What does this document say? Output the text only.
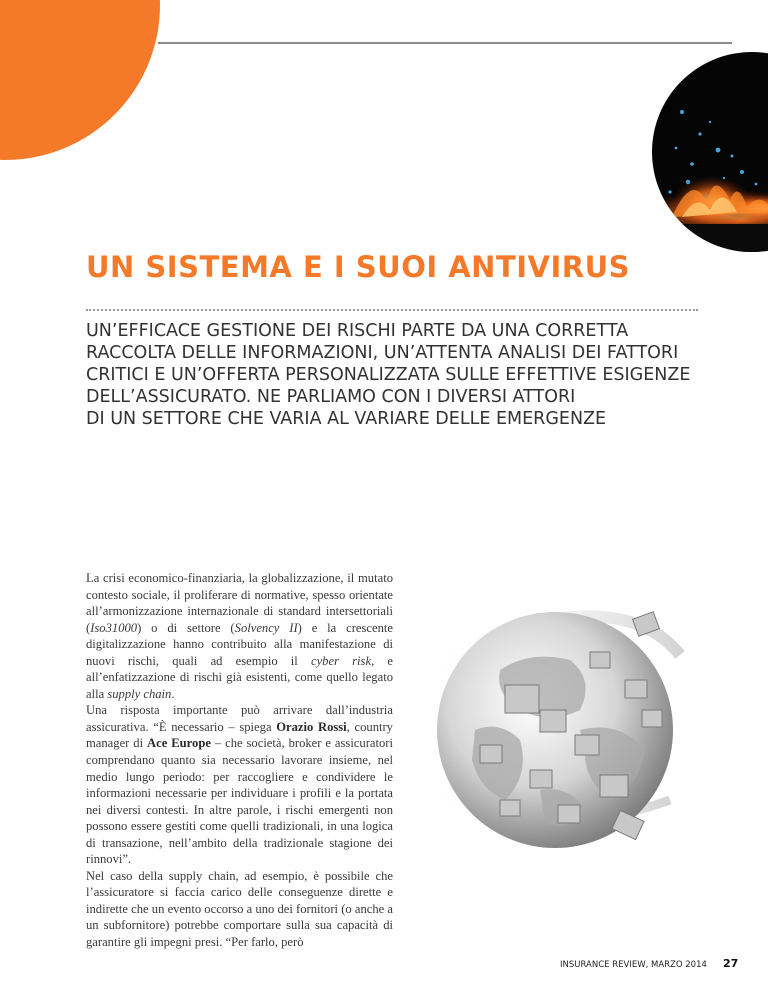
UN SISTEMA E I SUOI ANTIVIRUS
UN’EFFICACE GESTIONE DEI RISCHI PARTE DA UNA CORRETTA
RACCOLTA DELLE INFORMAZIONI, UN’ATTENTA ANALISI DEI FATTORI
CRITICI E UN’OFFERTA PERSONALIZZATA SULLE EFFETTIVE ESIGENZE
DELL’ASSICURATO. NE PARLIAMO CON I DIVERSI ATTORI
DI UN SETTORE CHE VARIA AL VARIARE DELLE EMERGENZE

La crisi economico-finanziaria, la globalizzazione, il mutato contesto sociale, il proliferare di normative, spesso orientate all’armonizzazione internazionale di standard intersettoriali (Iso31000) o di settore (Solvency II) e la crescente digitalizzazione hanno contribuito alla manifestazione di nuovi rischi, quali ad esempio il cyber risk, e all’enfatizzazione di rischi già esistenti, come quello legato alla supply chain.

Una risposta importante può arrivare dall’industria assicurativa. “È necessario – spiega Orazio Rossi, country manager di Ace Europe – che società, broker e assicuratori comprendano quanto sia necessario lavorare insieme, nel medio lungo periodo: per raccogliere e condividere le informazioni necessarie per individuare i profili e la portata nei diversi contesti. In altre parole, i rischi emergenti non possono essere gestiti come quelli tradizionali, in una logica di transazione, nell’ambito della tradizionale stagione dei rinnovi”.

Nel caso della supply chain, ad esempio, è possibile che l’assicuratore si faccia carico delle conseguenze dirette e indirette che un evento occorso a uno dei fornitori (o anche a un subfornitore) potrebbe comportare sulla sua capacità di garantire gli impegni presi. “Per farlo, però

INSURANCE REVIEW, MARZO 2014 27
